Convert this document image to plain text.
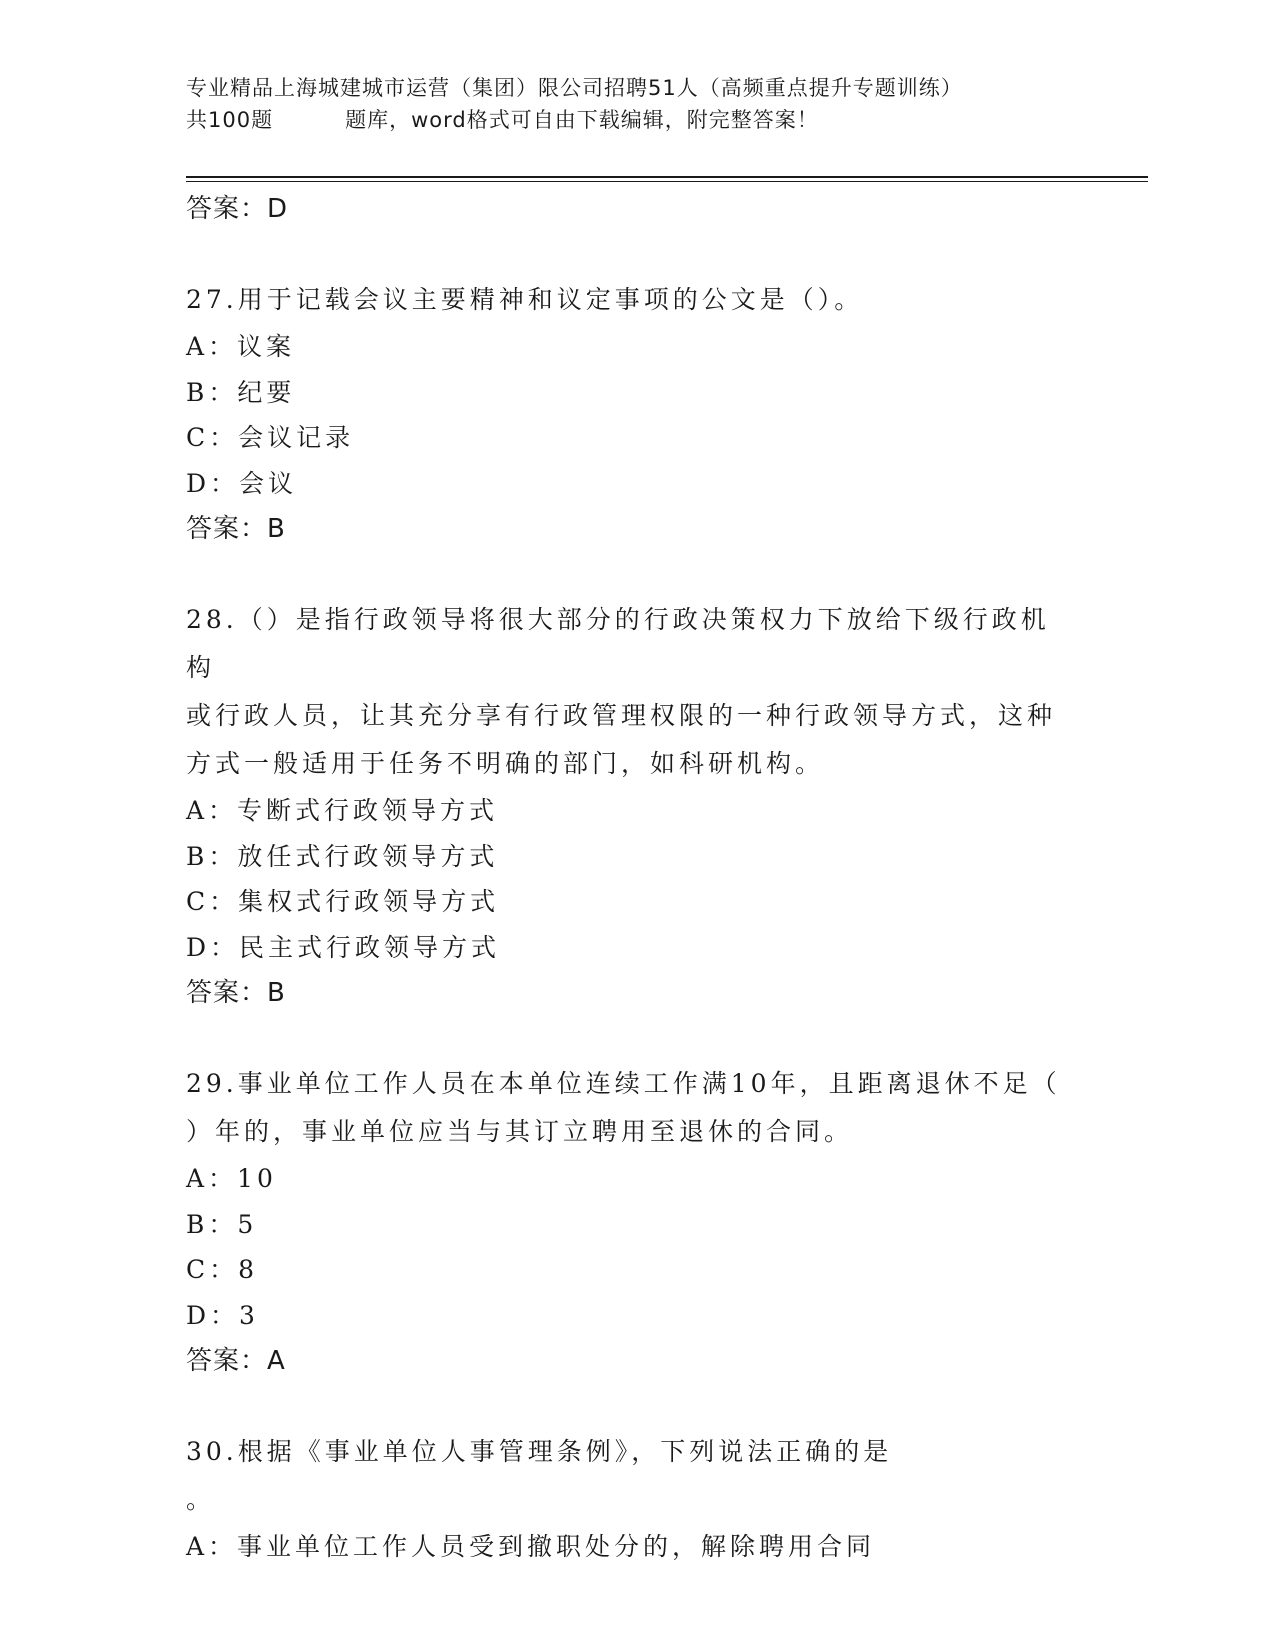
专业精品上海城建城市运营（集团）限公司招聘51人（高频重点提升专题训练）
共100题	题库，word格式可自由下载编辑，附完整答案！
答案：D
27.用于记载会议主要精神和议定事项的公文是（）。
A：议案
B：纪要
C：会议记录
D：会议
答案：B
28.（）是指行政领导将很大部分的行政决策权力下放给下级行政机构
或行政人员，让其充分享有行政管理权限的一种行政领导方式，这种
方式一般适用于任务不明确的部门，如科研机构。
A：专断式行政领导方式
B：放任式行政领导方式
C：集权式行政领导方式
D：民主式行政领导方式
答案：B
29.事业单位工作人员在本单位连续工作满10年，且距离退休不足（
）年的，事业单位应当与其订立聘用至退休的合同。
A：10
B：5
C：8
D：3
答案：A
30.根据《事业单位人事管理条例》，下列说法正确的是。
A：事业单位工作人员受到撤职处分的，解除聘用合同
